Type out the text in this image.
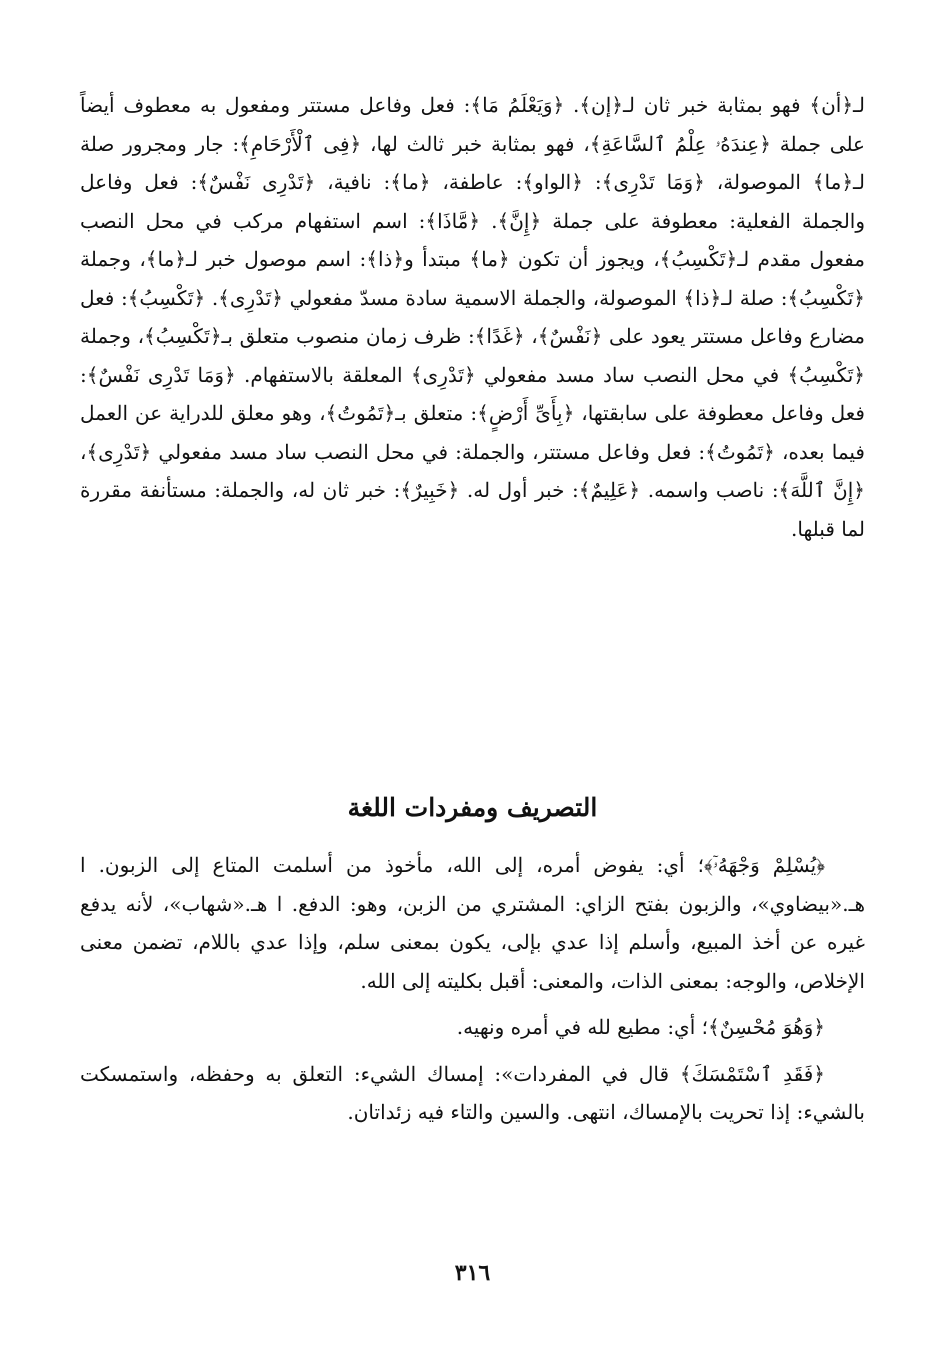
لـ﴿أن﴾ فهو بمثابة خبر ثان لـ﴿إن﴾. ﴿وَيَعْلَمُ مَا﴾: فعل وفاعل مستتر ومفعول به معطوف أيضاً على جملة ﴿عِندَهُۥ عِلْمُ ٱلسَّاعَةِ﴾، فهو بمثابة خبر ثالث لها، ﴿فِى ٱلْأَرْحَامِ﴾: جار ومجرور صلة لـ﴿ما﴾ الموصولة، ﴿وَمَا تَدْرِى﴾: ﴿الواو﴾: عاطفة، ﴿ما﴾: نافية، ﴿تَدْرِى نَفْسٌ﴾: فعل وفاعل والجملة الفعلية: معطوفة على جملة ﴿إِنَّ﴾. ﴿مَّاذَا﴾: اسم استفهام مركب في محل النصب مفعول مقدم لـ﴿تَكْسِبُ﴾، ويجوز أن تكون ﴿ما﴾ مبتدأ و﴿ذا﴾: اسم موصول خبر لـ﴿ما﴾، وجملة ﴿تَكْسِبُ﴾: صلة لـ﴿ذا﴾ الموصولة، والجملة الاسمية سادة مسدّ مفعولي ﴿تَدْرِى﴾. ﴿تَكْسِبُ﴾: فعل مضارع وفاعل مستتر يعود على ﴿نَفْسٌ﴾، ﴿غَدًا﴾: ظرف زمان منصوب متعلق بـ﴿تَكْسِبُ﴾، وجملة ﴿تَكْسِبُ﴾ في محل النصب ساد مسد مفعولي ﴿تَدْرِى﴾ المعلقة بالاستفهام. ﴿وَمَا تَدْرِى نَفْسٌ﴾: فعل وفاعل معطوفة على سابقتها، ﴿بِأَىِّ أَرْضٍ﴾: متعلق بـ﴿تَمُوتُ﴾، وهو معلق للدراية عن العمل فيما بعده، ﴿تَمُوتُ﴾: فعل وفاعل مستتر، والجملة: في محل النصب ساد مسد مفعولي ﴿تَدْرِى﴾، ﴿إِنَّ ٱللَّهَ﴾: ناصب واسمه. ﴿عَلِيمٌ﴾: خبر أول له. ﴿خَبِيرٌ﴾: خبر ثان له، والجملة: مستأنفة مقررة لما قبلها.

التصريف ومفردات اللغة

﴿يُسْلِمْ وَجْهَهُۥٓ﴾؛ أي: يفوض أمره، إلى الله، مأخوذ من أسلمت المتاع إلى الزبون. ا هـ.«بيضاوي»، والزبون بفتح الزاي: المشتري من الزبن، وهو: الدفع. ا هـ.«شهاب»، لأنه يدفع غيره عن أخذ المبيع، وأسلم إذا عدي بإلى، يكون بمعنى سلم، وإذا عدي باللام، تضمن معنى الإخلاص، والوجه: بمعنى الذات، والمعنى: أقبل بكليته إلى الله.

﴿وَهُوَ مُحْسِنٌ﴾؛ أي: مطيع لله في أمره ونهيه.

﴿فَقَدِ ٱسْتَمْسَكَ﴾ قال في المفردات»: إمساك الشيء: التعلق به وحفظه، واستمسكت بالشيء: إذا تحريت بالإمساك، انتهى. والسين والتاء فيه زئداتان.

٣١٦
